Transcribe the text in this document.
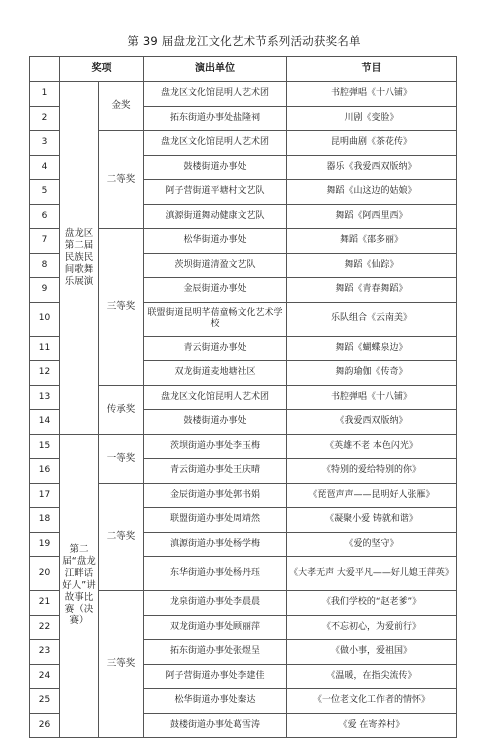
第 39 届盘龙江文化艺术节系列活动获奖名单
	奖项		演出单位	节目
1	盘龙区第二届民族民间歌舞乐展演	金奖	盘龙区文化馆昆明人艺术团	书腔弹唱《十八铺》
2			拓东街道办事处盐隆祠	川剧《变脸》
3		二等奖	盘龙区文化馆昆明人艺术团	昆明曲剧《茶花传》
4			鼓楼街道办事处	器乐《我爱西双版纳》
5			阿子营街道平塘村文艺队	舞蹈《山这边的姑娘》
6			滇源街道舞动健康文艺队	舞蹈《阿西里西》
7		三等奖	松华街道办事处	舞蹈《邵多丽》
8			茨坝街道清盈文艺队	舞蹈《仙踪》
9			金辰街道办事处	舞蹈《青春舞蹈》
10			联盟街道昆明芊蓓童畅文化艺术学校	乐队组合《云南美》
11			青云街道办事处	舞蹈《蝴蝶泉边》
12			双龙街道麦地塘社区	舞韵瑜伽《传奇》
13		传承奖	盘龙区文化馆昆明人艺术团	书腔弹唱《十八铺》
14			鼓楼街道办事处	《我爱西双版纳》
15	第二届“盘龙江畔话好人”讲故事比赛（决赛）	一等奖	茨坝街道办事处李玉梅	《英雄不老 本色闪光》
16			青云街道办事处王庆晴	《特别的爱给特别的你》
17		二等奖	金辰街道办事处郭书娟	《琵琶声声——昆明好人张雁》
18			联盟街道办事处周靖然	《凝聚小爱 铸就和谐》
19			滇源街道办事处杨学梅	《爱的坚守》
20			东华街道办事处杨丹珏	《大孝无声 大爱平凡——好儿媳王萍英》
21		三等奖	龙泉街道办事处李晨晨	《我们学校的“赵老爹”》
22			双龙街道办事处顾丽萍	《不忘初心，为爱前行》
23			拓东街道办事处张煜呈	《做小事，爱祖国》
24			阿子营街道办事处李建佳	《温暖，在指尖流传》
25			松华街道办事处秦达	《一位老文化工作者的情怀》
26			鼓楼街道办事处葛雪涛	《爱 在寄养村》
